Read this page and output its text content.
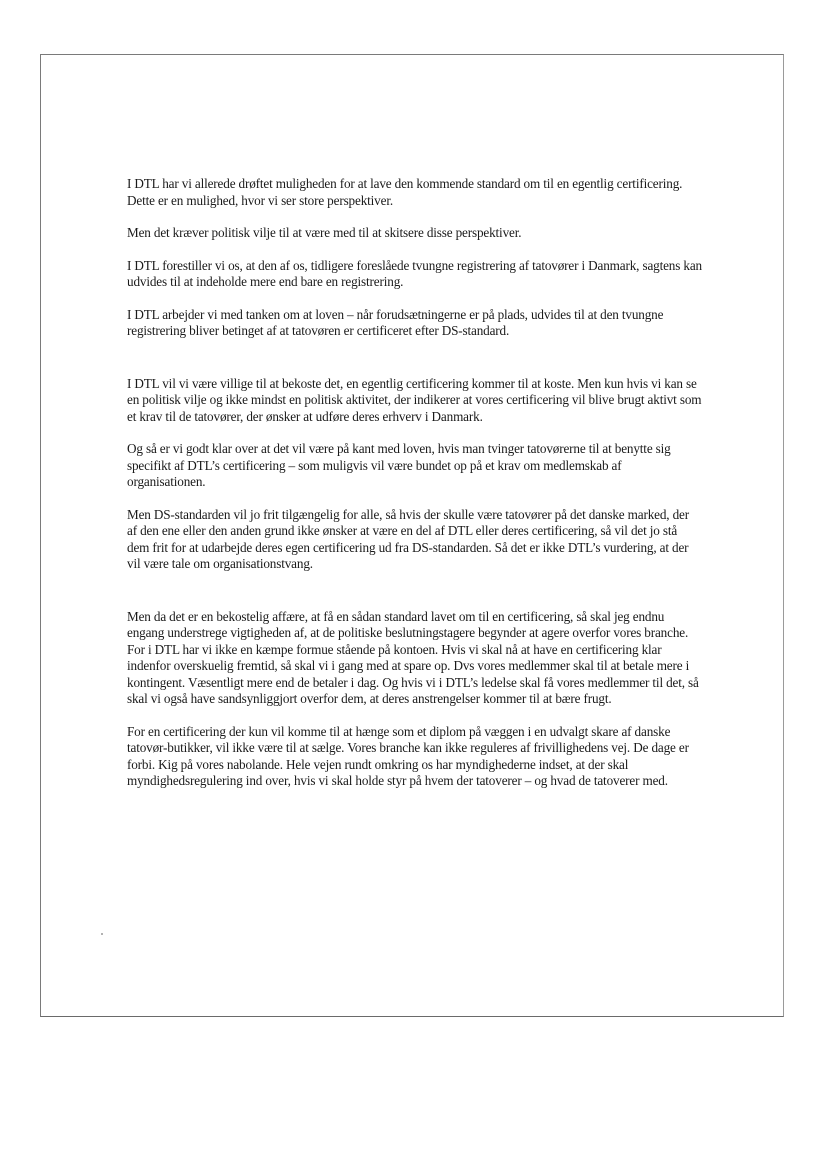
I DTL har vi allerede drøftet muligheden for at lave den kommende standard om til en egentlig certificering. Dette er en mulighed, hvor vi ser store perspektiver.

Men det kræver politisk vilje til at være med til at skitsere disse perspektiver.

I DTL forestiller vi os, at den af os, tidligere foreslåede tvungne registrering af tatovører i Danmark, sagtens kan udvides til at indeholde mere end bare en registrering.

I DTL arbejder vi med tanken om at loven – når forudsætningerne er på plads, udvides til at den tvungne registrering bliver betinget af at tatovøren er certificeret efter DS-standard.

I DTL vil vi være villige til at bekoste det, en egentlig certificering kommer til at koste. Men kun hvis vi kan se en politisk vilje og ikke mindst en politisk aktivitet, der indikerer at vores certificering vil blive brugt aktivt som et krav til de tatovører, der ønsker at udføre deres erhverv i Danmark.

Og så er vi godt klar over at det vil være på kant med loven, hvis man tvinger tatovørerne til at benytte sig specifikt af DTL’s certificering – som muligvis vil være bundet op på et krav om medlemskab af organisationen.

Men DS-standarden vil jo frit tilgængelig for alle, så hvis der skulle være tatovører på det danske marked, der af den ene eller den anden grund ikke ønsker at være en del af DTL eller deres certificering, så vil det jo stå dem frit for at udarbejde deres egen certificering ud fra DS-standarden. Så det er ikke DTL’s vurdering, at der vil være tale om organisationstvang.

Men da det er en bekostelig affære, at få en sådan standard lavet om til en certificering, så skal jeg endnu engang understrege vigtigheden af, at de politiske beslutningstagere begynder at agere overfor vores branche. For i DTL har vi ikke en kæmpe formue stående på kontoen. Hvis vi skal nå at have en certificering klar indenfor overskuelig fremtid, så skal vi i gang med at spare op. Dvs vores medlemmer skal til at betale mere i kontingent. Væsentligt mere end de betaler i dag. Og hvis vi i DTL’s ledelse skal få vores medlemmer til det, så skal vi også have sandsynliggjort overfor dem, at deres anstrengelser kommer til at bære frugt.

For en certificering der kun vil komme til at hænge som et diplom på væggen i en udvalgt skare af danske tatovør-butikker, vil ikke være til at sælge. Vores branche kan ikke reguleres af frivillighedens vej. De dage er forbi. Kig på vores nabolande. Hele vejen rundt omkring os har myndighederne indset, at der skal myndighedsregulering ind over, hvis vi skal holde styr på hvem der tatoverer – og hvad de tatoverer med.
